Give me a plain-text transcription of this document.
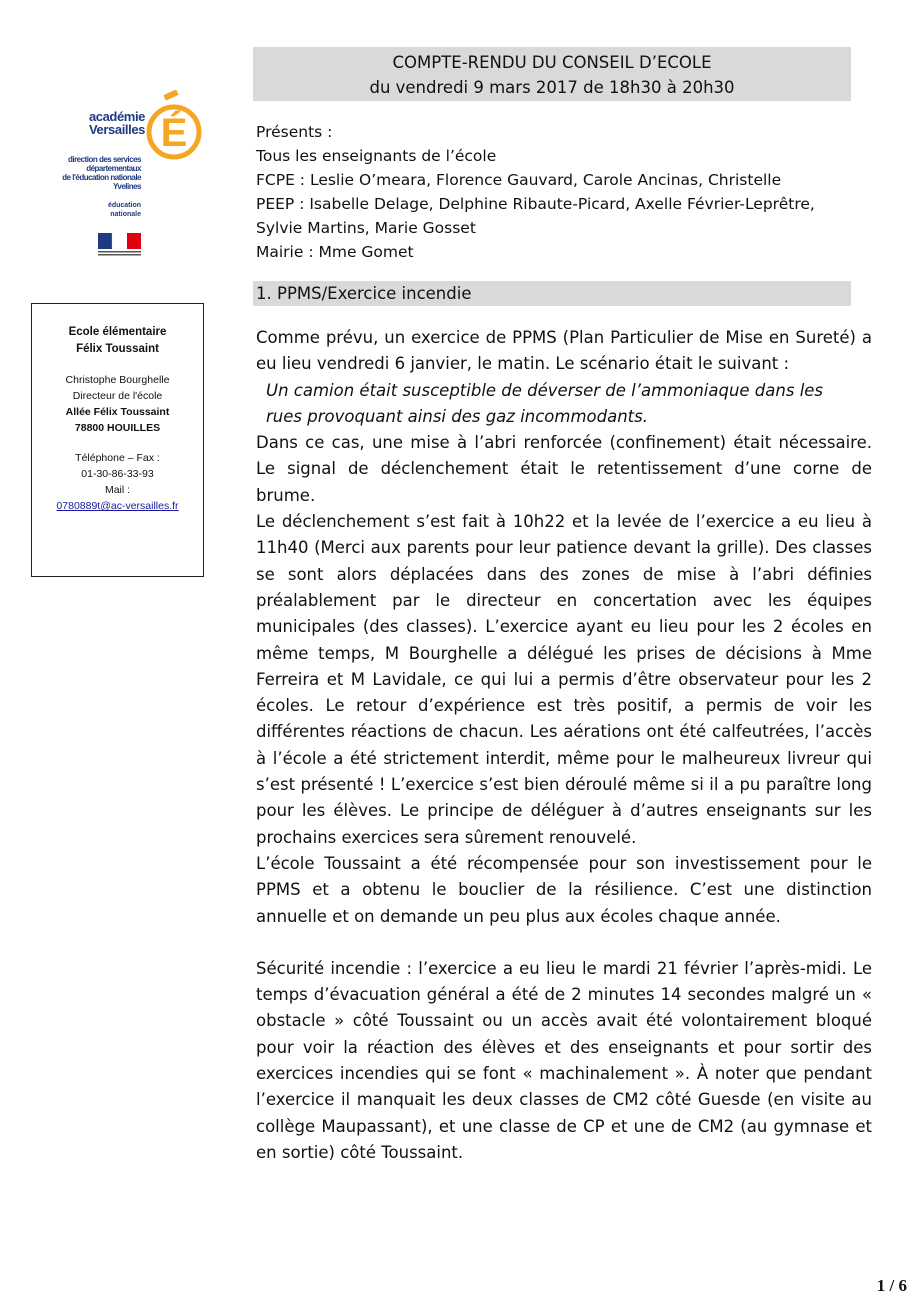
académie
Versailles É
direction des services
départementaux
de l'éducation nationale
Yvelines
éducation
nationale
Ecole élémentaire
Félix Toussaint
Christophe Bourghelle
Directeur de l'école
Allée Félix Toussaint
78800 HOUILLES
Téléphone – Fax :
01-30-86-33-93
Mail :
0780889t@ac-versailles.fr
COMPTE-RENDU DU CONSEIL D’ECOLE
du vendredi 9 mars 2017 de 18h30 à 20h30
Présents :
Tous les enseignants de l’école
FCPE : Leslie O’meara, Florence Gauvard, Carole Ancinas, Christelle
PEEP : Isabelle Delage, Delphine Ribaute-Picard, Axelle Février-Leprêtre,
Sylvie Martins, Marie Gosset
Mairie : Mme Gomet
1. PPMS/Exercice incendie

Comme prévu, un exercice de PPMS (Plan Particulier de Mise en Sureté) a eu lieu vendredi 6 janvier, le matin. Le scénario était le suivant :

Un camion était susceptible de déverser de l’ammoniaque dans les

rues provoquant ainsi des gaz incommodants.

Dans ce cas, une mise à l’abri renforcée (confinement) était nécessaire. Le signal de déclenchement était le retentissement d’une corne de brume.

Le déclenchement s’est fait à 10h22 et la levée de l’exercice a eu lieu à 11h40 (Merci aux parents pour leur patience devant la grille). Des classes se sont alors déplacées dans des zones de mise à l’abri définies préalablement par le directeur en concertation avec les équipes municipales (des classes). L’exercice ayant eu lieu pour les 2 écoles en même temps, M Bourghelle a délégué les prises de décisions à Mme Ferreira et M Lavidale, ce qui lui a permis d’être observateur pour les 2 écoles. Le retour d’expérience est très positif, a permis de voir les différentes réactions de chacun. Les aérations ont été calfeutrées, l’accès à l’école a été strictement interdit, même pour le malheureux livreur qui s’est présenté ! L’exercice s’est bien déroulé même si il a pu paraître long pour les élèves. Le principe de déléguer à d’autres enseignants sur les prochains exercices sera sûrement renouvelé.

L’école Toussaint a été récompensée pour son investissement pour le PPMS et a obtenu le bouclier de la résilience. C’est une distinction annuelle et on demande un peu plus aux écoles chaque année.

Sécurité incendie : l’exercice a eu lieu le mardi 21 février l’après-midi. Le temps d’évacuation général a été de 2 minutes 14 secondes malgré un « obstacle » côté Toussaint ou un accès avait été volontairement bloqué pour voir la réaction des élèves et des enseignants et pour sortir des exercices incendies qui se font « machinalement ». À noter que pendant l’exercice il manquait les deux classes de CM2 côté Guesde (en visite au collège Maupassant), et une classe de CP et une de CM2 (au gymnase et en sortie) côté Toussaint.

1 / 6
